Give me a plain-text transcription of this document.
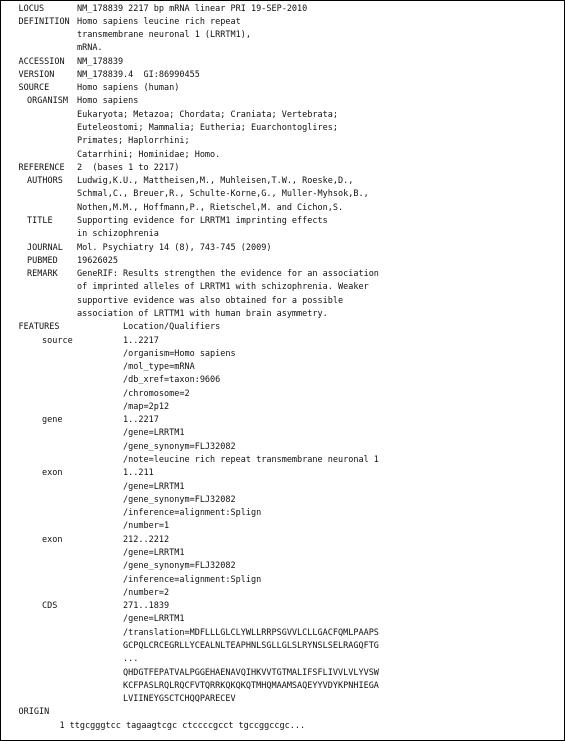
LOCUS	NM_178839 2217 bp mRNA linear PRI 19-SEP-2010
DEFINITION Homo sapiens leucine rich repeat
transmembrane neuronal 1 (LRRTM1),
mRNA.
ACCESSION NM_178839
VERSION	NM_178839.4  GI:86990455
SOURCE	Homo sapiens (human)
ORGANISM Homo sapiens
Eukaryota; Metazoa; Chordata; Craniata; Vertebrata;
Euteleostomi; Mammalia; Eutheria; Euarchontoglires;
Primates; Haplorrhini;
Catarrhini; Hominidae; Homo.
REFERENCE 2  (bases 1 to 2217)
AUTHORS Ludwig,K.U., Mattheisen,M., Muhleisen,T.W., Roeske,D.,
Schmal,C., Breuer,R., Schulte-Korne,G., Muller-Myhsok,B.,
Nothen,M.M., Hoffmann,P., Rietschel,M. and Cichon,S.
TITLE	Supporting evidence for LRRTM1 imprinting effects
in schizophrenia
JOURNAL Mol. Psychiatry 14 (8), 743-745 (2009)
PUBMED 19626025
REMARK GeneRIF: Results strengthen the evidence for an association
of imprinted alleles of LRRTM1 with schizophrenia. Weaker
supportive evidence was also obtained for a possible
association of LRTTM1 with human brain asymmetry.
FEATURES Location/Qualifiers
source 1..2217
/organism=Homo sapiens
/mol_type=mRNA
/db_xref=taxon:9606
/chromosome=2
/map=2p12
gene 1..2217
/gene=LRRTM1
/gene_synonym=FLJ32082
/note=leucine rich repeat transmembrane neuronal 1
exon 1..211
/gene=LRRTM1
/gene_synonym=FLJ32082
/inference=alignment:Splign
/number=1
exon 212..2212
/gene=LRRTM1
/gene_synonym=FLJ32082
/inference=alignment:Splign
/number=2
CDS 271..1839
/gene=LRRTM1
/translation=MDFLLLGLCLYWLLRRPSGVVLCLLGACFQMLPAAPS
GCPQLCRCEGRLLYCEALNLTEAPHNLSGLLGLSLRYNSLSELRAGQFTG
...
QHDGTFEPATVALPGGEHAENAVQIHKVVTGTMALIFSFLIVVLVLYVSW
KCFPASLRQLRQCFVTQRRKQKQKQTMHQMAAMSAQEYYVDYKPNHIEGA
LVIINEYGSCTCHQQPARECEV
ORIGIN
1 ttgcgggtcc tagaagtcgc ctccccgcct tgccggccgc...
